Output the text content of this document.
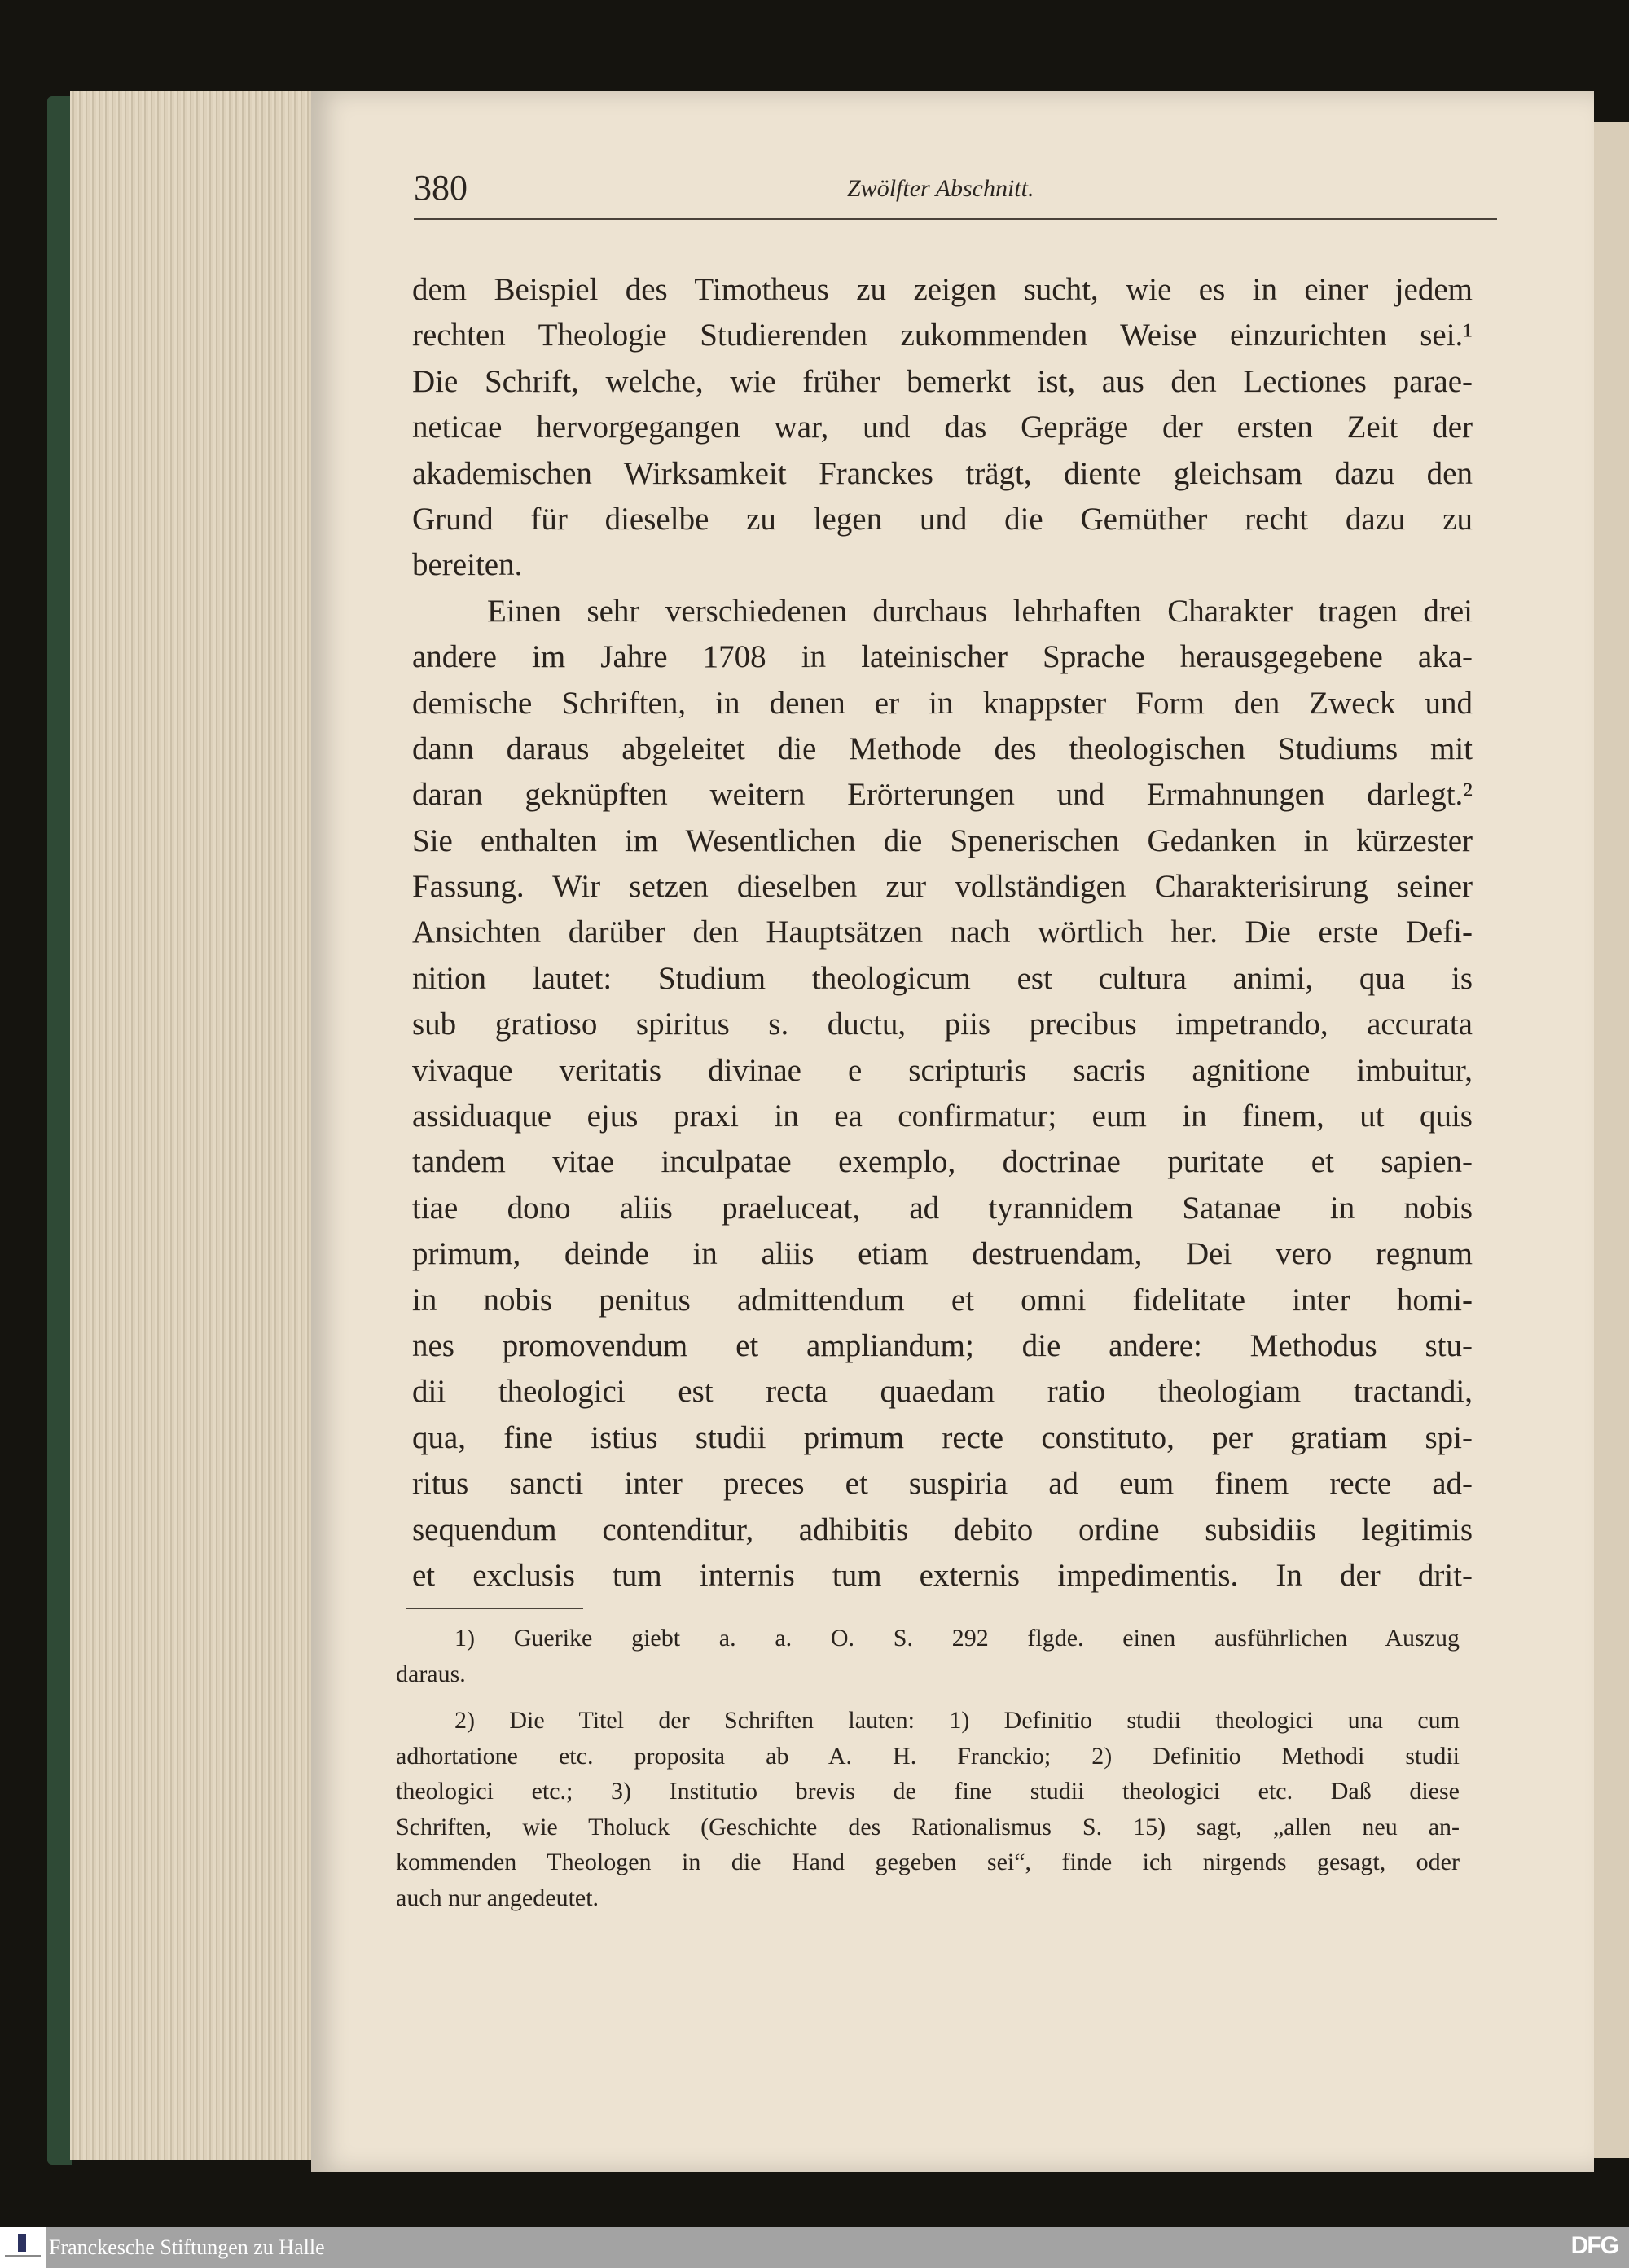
380	Zwölfter Abschnitt.
dem Beispiel des Timotheus zu zeigen sucht, wie es in einer jedem
rechten Theologie Studierenden zukommenden Weise einzurichten sei.¹
Die Schrift, welche, wie früher bemerkt ist, aus den Lectiones parae-
neticae hervorgegangen war, und das Gepräge der ersten Zeit der
akademischen Wirksamkeit Franckes trägt, diente gleichsam dazu den
Grund für dieselbe zu legen und die Gemüther recht dazu zu
bereiten.
Einen sehr verschiedenen durchaus lehrhaften Charakter tragen drei
andere im Jahre 1708 in lateinischer Sprache herausgegebene aka-
demische Schriften, in denen er in knappster Form den Zweck und
dann daraus abgeleitet die Methode des theologischen Studiums mit
daran geknüpften weitern Erörterungen und Ermahnungen darlegt.²
Sie enthalten im Wesentlichen die Spenerischen Gedanken in kürzester
Fassung. Wir setzen dieselben zur vollständigen Charakterisirung seiner
Ansichten darüber den Hauptsätzen nach wörtlich her. Die erste Defi-
nition lautet: Studium theologicum est cultura animi, qua is
sub gratioso spiritus s. ductu, piis precibus impetrando, accurata
vivaque veritatis divinae e scripturis sacris agnitione imbuitur,
assiduaque ejus praxi in ea confirmatur; eum in finem, ut quis
tandem vitae inculpatae exemplo, doctrinae puritate et sapien-
tiae dono aliis praeluceat, ad tyrannidem Satanae in nobis
primum, deinde in aliis etiam destruendam, Dei vero regnum
in nobis penitus admittendum et omni fidelitate inter homi-
nes promovendum et ampliandum; die andere: Methodus stu-
dii theologici est recta quaedam ratio theologiam tractandi,
qua, fine istius studii primum recte constituto, per gratiam spi-
ritus sancti inter preces et suspiria ad eum finem recte ad-
sequendum contenditur, adhibitis debito ordine subsidiis legitimis
et exclusis tum internis tum externis impedimentis. In der drit-
1) Guerike giebt a. a. O. S. 292 flgde. einen ausführlichen Auszug
daraus.
2) Die Titel der Schriften lauten: 1) Definitio studii theologici una cum
adhortatione etc. proposita ab A. H. Franckio; 2) Definitio Methodi studii
theologici etc.; 3) Institutio brevis de fine studii theologici etc. Daß diese
Schriften, wie Tholuck (Geschichte des Rationalismus S. 15) sagt, „allen neu an-
kommenden Theologen in die Hand gegeben sei“, finde ich nirgends gesagt, oder
auch nur angedeutet.
Franckesche Stiftungen zu Halle	DFG
